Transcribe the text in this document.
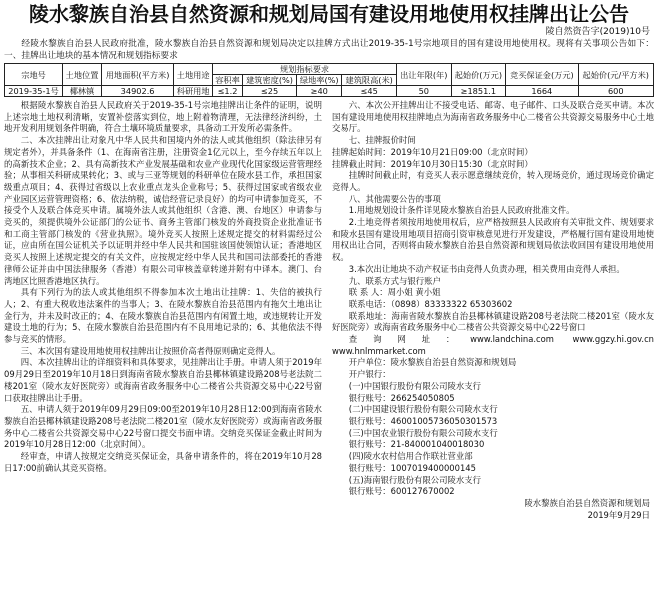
陵水黎族自治县自然资源和规划局国有建设用地使用权挂牌出让公告
陵自然资告字(2019)10号
经陵水黎族自治县人民政府批准，陵水黎族自治县自然资源和规划局决定以挂牌方式出让2019-35-1号宗地项目的国有建设用地使用权。现将有关事项公告如下：一、挂牌出让地块的基本情况和规划指标要求
宗地号	土地位置	用地面积(平方米)	土地用途	规划指标要求				出让年限(年)	起始价(万元)	竞买保证金(万元)	起始价(元/平方米)
				容积率	建筑密度(%)	绿地率(%)	建筑限高(米)				
2019-35-1号	椰林镇	34902.6	科研用地	≤1.2	≤25	≥40	≤45	50	≥1851.1	1664	600

根据陵水黎族自治县人民政府关于2019-35-1号宗地挂牌出让条件的证明，说明上述宗地土地权利清晰，安置补偿落实到位，地上附着物清理，无法律经济纠纷，土地开发利用规划条件明确，符合土壤环境质量要求，具备动工开发所必需条件。

二、本次挂牌出让对象凡中华人民共和国境内外的法人或其他组织（除法律另有规定者外），并具备条件（1、在海南省注册，注册资金1亿元以上，至今存续五年以上的高新技术企业；2、具有高新技术产业发展基础和农业产业现代化国家级运营管理经验；从事相关科研成果转化；3、或与三亚等规划的科研单位在陵水县工作，承担国家级重点项目；4、获得过省级以上农业重点龙头企业称号；5、获得过国家或省级农业产业园区运营管理资格；6、依法纳税，诚信经营记录良好）的均可申请参加竞买，不接受个人及联合体竞买申请。属境外法人或其他组织（含港、澳、台地区）申请参与竞买的，须提供境外公证部门的公证书、商务主管部门核发的外商投资企业批准证书和工商主管部门核发的《营业执照》。境外竞买人按照上述规定提交的材料需经过公证，应由所在国公证机关予以证明并经中华人民共和国驻该国使领馆认证；香港地区竞买人按照上述规定提交的有关文件，应按规定经中华人民共和国司法部委托的香港律师公证并由中国法律服务（香港）有限公司审核盖章转递并附有中译本。澳门、台湾地区比照香港地区执行。

具有下列行为的法人或其他组织不得参加本次土地出让挂牌：1、失信的被执行人；2、有重大税收违法案件的当事人；3、在陵水黎族自治县范围内有拖欠土地出让金行为，并未及时改正的；4、在陵水黎族自治县范围内有闲置土地，或违规转让开发建设土地的行为；5、在陵水黎族自治县范围内有不良用地记录的；6、其他依法不得参与竞买的情形。

三、本次国有建设用地使用权挂牌出让按照价高者得原则确定竞得人。

四、本次挂牌出让的详细资料和具体要求，见挂牌出让手册。申请人须于2019年09月29日至2019年10月18日到海南省陵水黎族自治县椰林镇建设路208号老法院二楼201室（陵水友好医院旁）或海南省政务服务中心二楼省公共资源交易中心22号窗口获取挂牌出让手册。

五、申请人须于2019年09月29日09:00至2019年10月28日12:00到海南省陵水黎族自治县椰林镇建设路208号老法院二楼201室（陵水友好医院旁）或海南省政务服务中心二楼省公共资源交易中心22号窗口提交书面申请。交纳竞买保证金截止时间为2019年10月28日12:00（北京时间）。

经审查，申请人按规定交纳竞买保证金，具备申请条件的，将在2019年10月28日17:00前确认其竞买资格。

六、本次公开挂牌出让不接受电话、邮寄、电子邮件、口头及联合竞买申请。本次国有建设用地使用权挂牌地点为海南省政务服务中心二楼省公共资源交易服务中心土地交易厅。

七、挂牌报价时间

挂牌起始时间：2019年10月21日09:00（北京时间）

挂牌截止时间：2019年10月30日15:30（北京时间）

挂牌时间截止时，有竞买人表示愿意继续竞价，转入现场竞价，通过现场竞价确定竞得人。

八、其他需要公告的事项

1.用地规划设计条件详见陵水黎族自治县人民政府批准文件。

2.土地竞得者须按用地使用权后，应严格按照县人民政府有关审批文件、规划要求和陵水县国有建设用地项目招商引资审核意见进行开发建设，严格履行国有建设用地使用权出让合同，否则将由陵水黎族自治县自然资源和规划局依法收回国有建设用地使用权。

3.本次出让地块不动产权证书由竞得人负责办理，相关费用由竞得人承担。

九、联系方式与银行账户

联 系 人：周小姐 黄小姐

联系电话：（0898）83333322 65303602

联系地址：海南省陵水黎族自治县椰林镇建设路208号老法院二楼201室（陵水友好医院旁）或海南省政务服务中心二楼省公共资源交易中心22号窗口

查询网址：www.landchina.com www.ggzy.hi.gov.cn www.hnlmmarket.com

开户单位：陵水黎族自治县自然资源和规划局

开户银行：

(一)中国银行股份有限公司陵水支行

银行账号：266254050805

(二)中国建设银行股份有限公司陵水支行

银行账号：46001005736050301573

(三)中国农业银行股份有限公司陵水支行

银行账号：21-840001040018030

(四)陵水农村信用合作联社营业部

银行账号：1007019400000145

(五)海南银行股份有限公司陵水支行

银行账号：600127670002

陵水黎族自治县自然资源和规划局

2019年9月29日
